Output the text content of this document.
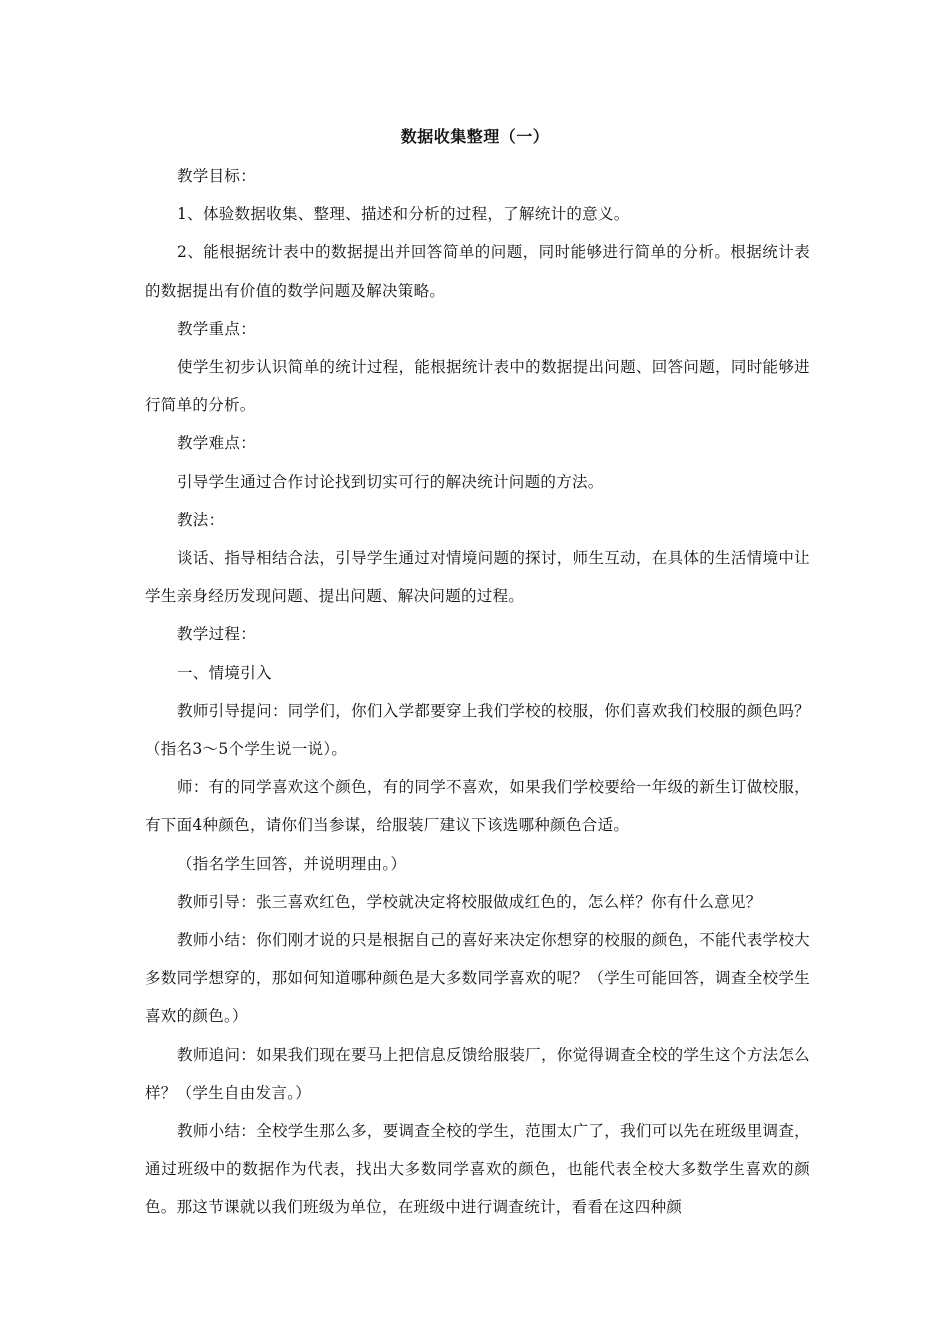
数据收集整理（一）

教学目标：

1、体验数据收集、整理、描述和分析的过程，了解统计的意义。

2、能根据统计表中的数据提出并回答简单的问题，同时能够进行简单的分析。根据统计表的数据提出有价值的数学问题及解决策略。

教学重点：

使学生初步认识简单的统计过程，能根据统计表中的数据提出问题、回答问题，同时能够进行简单的分析。

教学难点：

引导学生通过合作讨论找到切实可行的解决统计问题的方法。

教法：

谈话、指导相结合法，引导学生通过对情境问题的探讨，师生互动，在具体的生活情境中让学生亲身经历发现问题、提出问题、解决问题的过程。

教学过程：

一、情境引入

教师引导提问：同学们，你们入学都要穿上我们学校的校服，你们喜欢我们校服的颜色吗？（指名3～5个学生说一说）。

师：有的同学喜欢这个颜色，有的同学不喜欢，如果我们学校要给一年级的新生订做校服，有下面4种颜色，请你们当参谋，给服装厂建议下该选哪种颜色合适。

（指名学生回答，并说明理由。）

教师引导：张三喜欢红色，学校就决定将校服做成红色的，怎么样？你有什么意见？

教师小结：你们刚才说的只是根据自己的喜好来决定你想穿的校服的颜色，不能代表学校大多数同学想穿的，那如何知道哪种颜色是大多数同学喜欢的呢？（学生可能回答，调查全校学生喜欢的颜色。）

教师追问：如果我们现在要马上把信息反馈给服装厂，你觉得调查全校的学生这个方法怎么样？（学生自由发言。）

教师小结：全校学生那么多，要调查全校的学生，范围太广了，我们可以先在班级里调查，通过班级中的数据作为代表，找出大多数同学喜欢的颜色，也能代表全校大多数学生喜欢的颜色。那这节课就以我们班级为单位，在班级中进行调查统计，看看在这四种颜
